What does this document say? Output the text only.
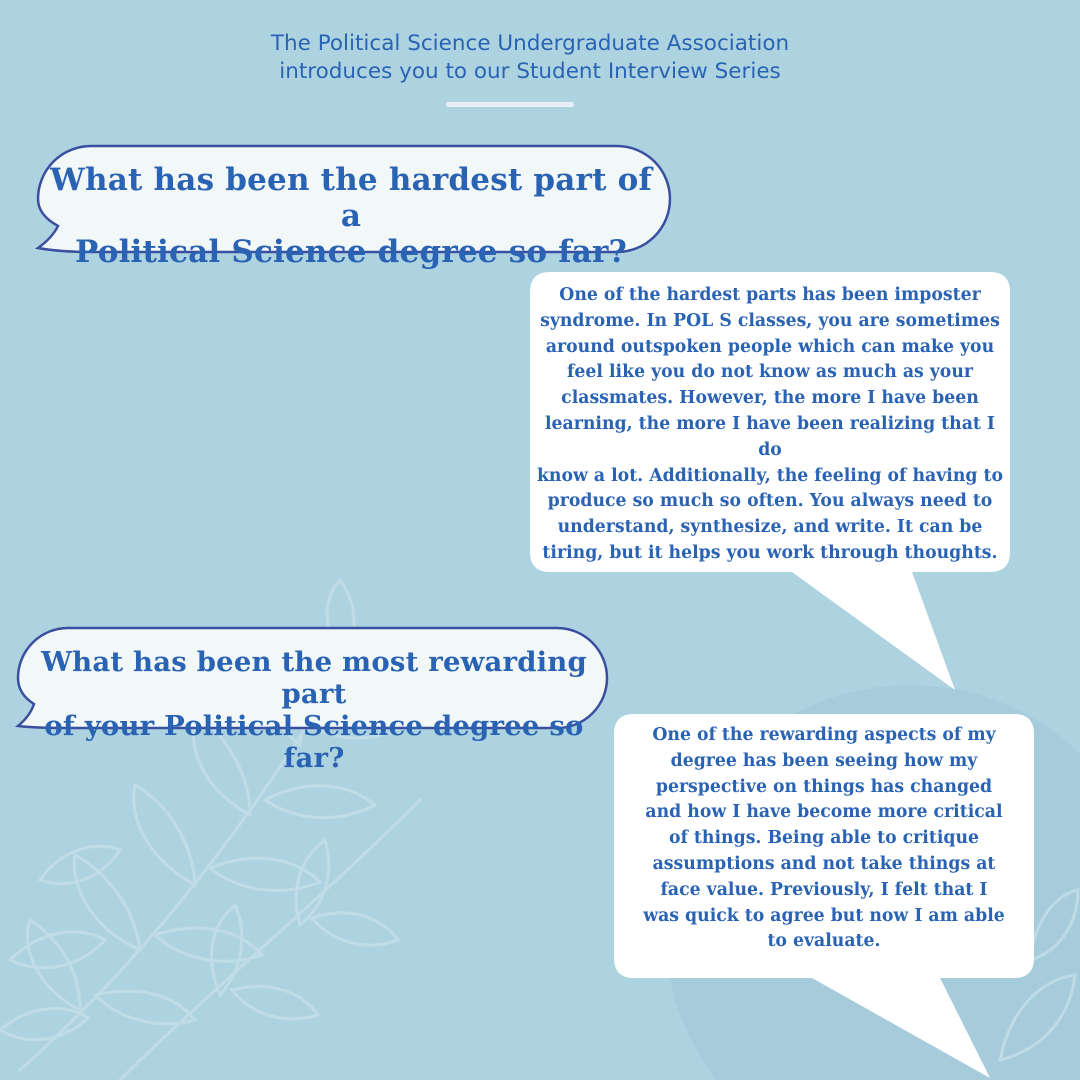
The Political Science Undergraduate Association
introduces you to our Student Interview Series
What has been the hardest part of a
Political Science degree so far?
One of the hardest parts has been imposter
syndrome. In POL S classes, you are sometimes
around outspoken people which can make you
feel like you do not know as much as your
classmates. However, the more I have been
learning, the more I have been realizing that I do
know a lot. Additionally, the feeling of having to
produce so much so often. You always need to
understand, synthesize, and write. It can be
tiring, but it helps you work through thoughts.
What has been the most rewarding part
of your Political Science degree so far?
One of the rewarding aspects of my
degree has been seeing how my
perspective on things has changed
and how I have become more critical
of things. Being able to critique
assumptions and not take things at
face value. Previously, I felt that I
was quick to agree but now I am able
to evaluate.
